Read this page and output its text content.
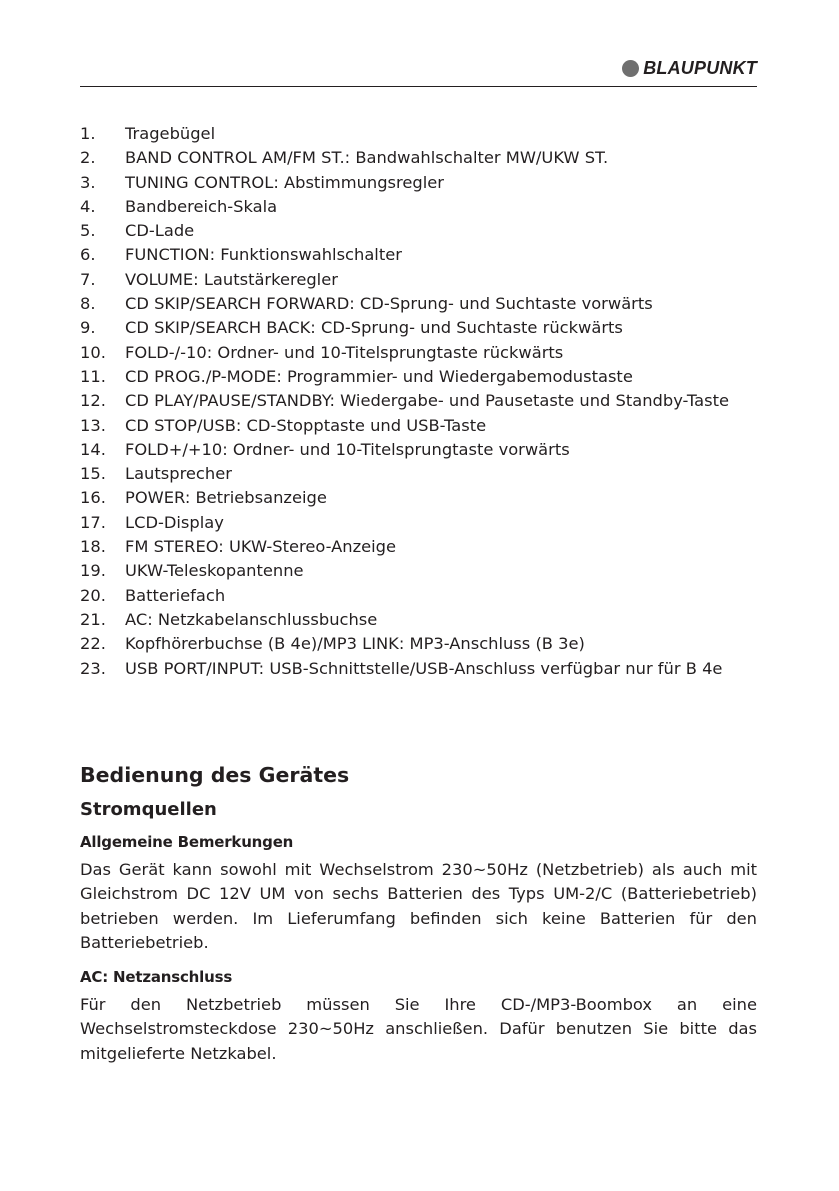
BLAUPUNKT
1.	Tragebügel
2.	BAND CONTROL AM/FM ST.: Bandwahlschalter MW/UKW ST.
3.	TUNING CONTROL: Abstimmungsregler
4.	Bandbereich-Skala
5.	CD-Lade
6.	FUNCTION: Funktionswahlschalter
7.	VOLUME: Lautstärkeregler
8.	CD SKIP/SEARCH FORWARD: CD-Sprung- und Suchtaste vorwärts
9.	CD SKIP/SEARCH BACK: CD-Sprung- und Suchtaste rückwärts
10.	FOLD-/-10: Ordner- und 10-Titelsprungtaste rückwärts
11.	CD PROG./P-MODE: Programmier- und Wiedergabemodustaste
12.	CD PLAY/PAUSE/STANDBY: Wiedergabe- und Pausetaste und Standby-Taste
13.	CD STOP/USB: CD-Stopptaste und USB-Taste
14.	FOLD+/+10: Ordner- und 10-Titelsprungtaste vorwärts
15.	Lautsprecher
16.	POWER: Betriebsanzeige
17.	LCD-Display
18.	FM STEREO: UKW-Stereo-Anzeige
19.	UKW-Teleskopantenne
20.	Batteriefach
21.	AC: Netzkabelanschlussbuchse
22.	Kopfhörerbuchse (B 4e)/MP3 LINK: MP3-Anschluss (B 3e)
23.	USB PORT/INPUT: USB-Schnittstelle/USB-Anschluss verfügbar nur für B 4e
Bedienung des Gerätes
Stromquellen
Allgemeine Bemerkungen

Das Gerät kann sowohl mit Wechselstrom 230~50Hz (Netzbetrieb) als auch mit Gleichstrom DC 12V UM von sechs Batterien des Typs UM-2/C (Batteriebetrieb) betrieben werden. Im Lieferumfang befinden sich keine Batterien für den Batteriebetrieb.

AC: Netzanschluss

Für den Netzbetrieb müssen Sie Ihre CD-/MP3-Boombox an eine Wechselstromsteckdose 230~50Hz anschließen. Dafür benutzen Sie bitte das mitgelieferte Netzkabel.
